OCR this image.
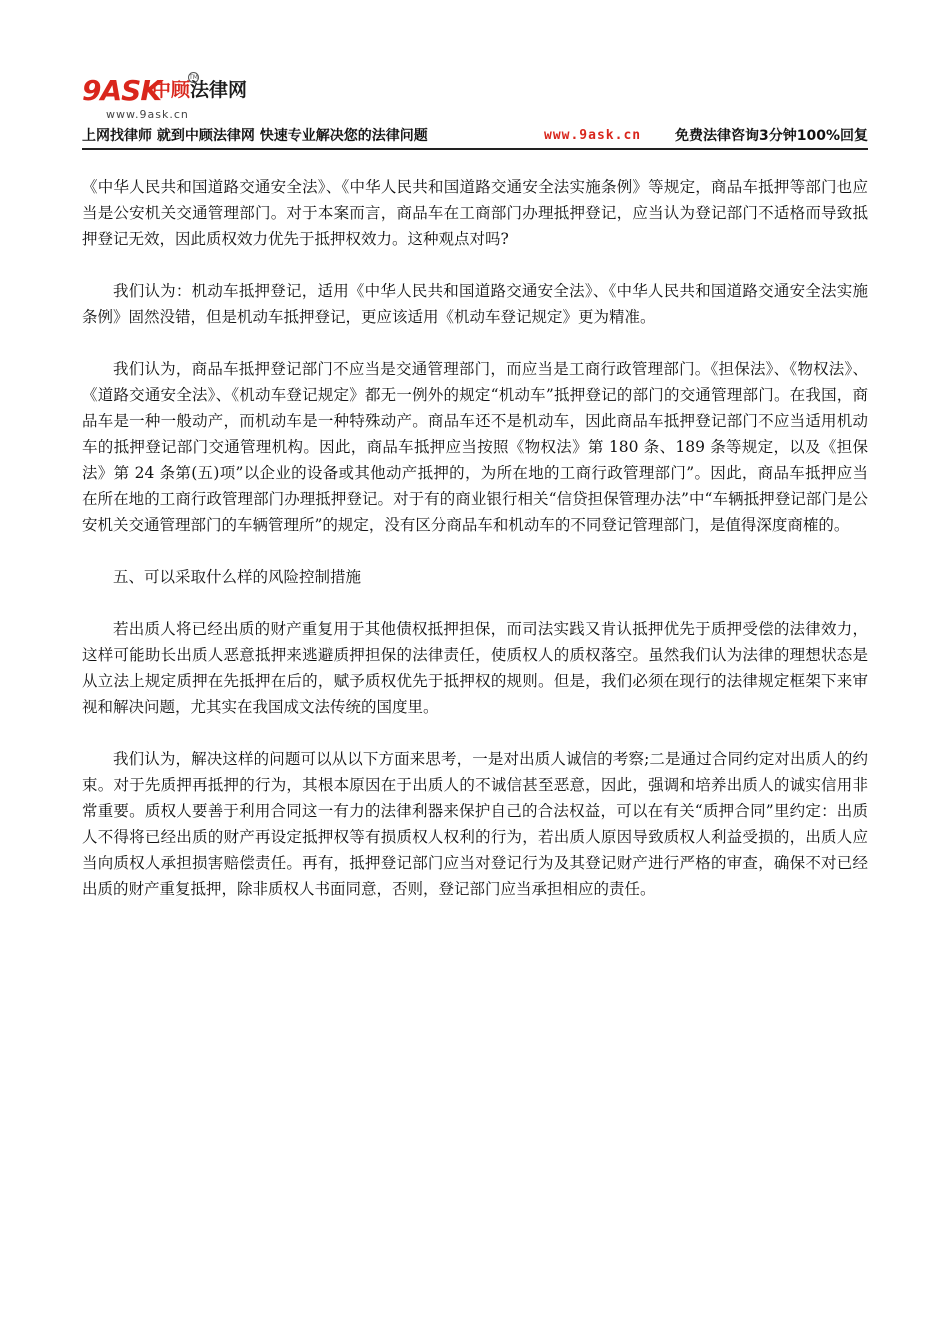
9ASK
中顾法律网
TM
www.9ask.cn
上网找律师 就到中顾法律网 快速专业解决您的法律问题	www.9ask.cn 免费法律咨询3分钟100%回复

《中华人民共和国道路交通安全法》、《中华人民共和国道路交通安全法实施条例》等规定，商品车抵押等部门也应当是公安机关交通管理部门。对于本案而言，商品车在工商部门办理抵押登记，应当认为登记部门不适格而导致抵押登记无效，因此质权效力优先于抵押权效力。这种观点对吗?

我们认为：机动车抵押登记，适用《中华人民共和国道路交通安全法》、《中华人民共和国道路交通安全法实施条例》固然没错，但是机动车抵押登记，更应该适用《机动车登记规定》更为精准。

我们认为，商品车抵押登记部门不应当是交通管理部门，而应当是工商行政管理部门。《担保法》、《物权法》、《道路交通安全法》、《机动车登记规定》都无一例外的规定“机动车”抵押登记的部门的交通管理部门。在我国，商品车是一种一般动产，而机动车是一种特殊动产。商品车还不是机动车，因此商品车抵押登记部门不应当适用机动车的抵押登记部门交通管理机构。因此，商品车抵押应当按照《物权法》第 180 条、189 条等规定，以及《担保法》第 24 条第(五)项”以企业的设备或其他动产抵押的，为所在地的工商行政管理部门”。因此，商品车抵押应当在所在地的工商行政管理部门办理抵押登记。对于有的商业银行相关“信贷担保管理办法”中“车辆抵押登记部门是公安机关交通管理部门的车辆管理所”的规定，没有区分商品车和机动车的不同登记管理部门，是值得深度商榷的。

五、可以采取什么样的风险控制措施

若出质人将已经出质的财产重复用于其他债权抵押担保，而司法实践又肯认抵押优先于质押受偿的法律效力，这样可能助长出质人恶意抵押来逃避质押担保的法律责任，使质权人的质权落空。虽然我们认为法律的理想状态是从立法上规定质押在先抵押在后的，赋予质权优先于抵押权的规则。但是，我们必须在现行的法律规定框架下来审视和解决问题，尤其实在我国成文法传统的国度里。

我们认为，解决这样的问题可以从以下方面来思考，一是对出质人诚信的考察;二是通过合同约定对出质人的约束。对于先质押再抵押的行为，其根本原因在于出质人的不诚信甚至恶意，因此，强调和培养出质人的诚实信用非常重要。质权人要善于利用合同这一有力的法律利器来保护自己的合法权益，可以在有关“质押合同”里约定：出质人不得将已经出质的财产再设定抵押权等有损质权人权利的行为，若出质人原因导致质权人利益受损的，出质人应当向质权人承担损害赔偿责任。再有，抵押登记部门应当对登记行为及其登记财产进行严格的审查，确保不对已经出质的财产重复抵押，除非质权人书面同意，否则，登记部门应当承担相应的责任。
